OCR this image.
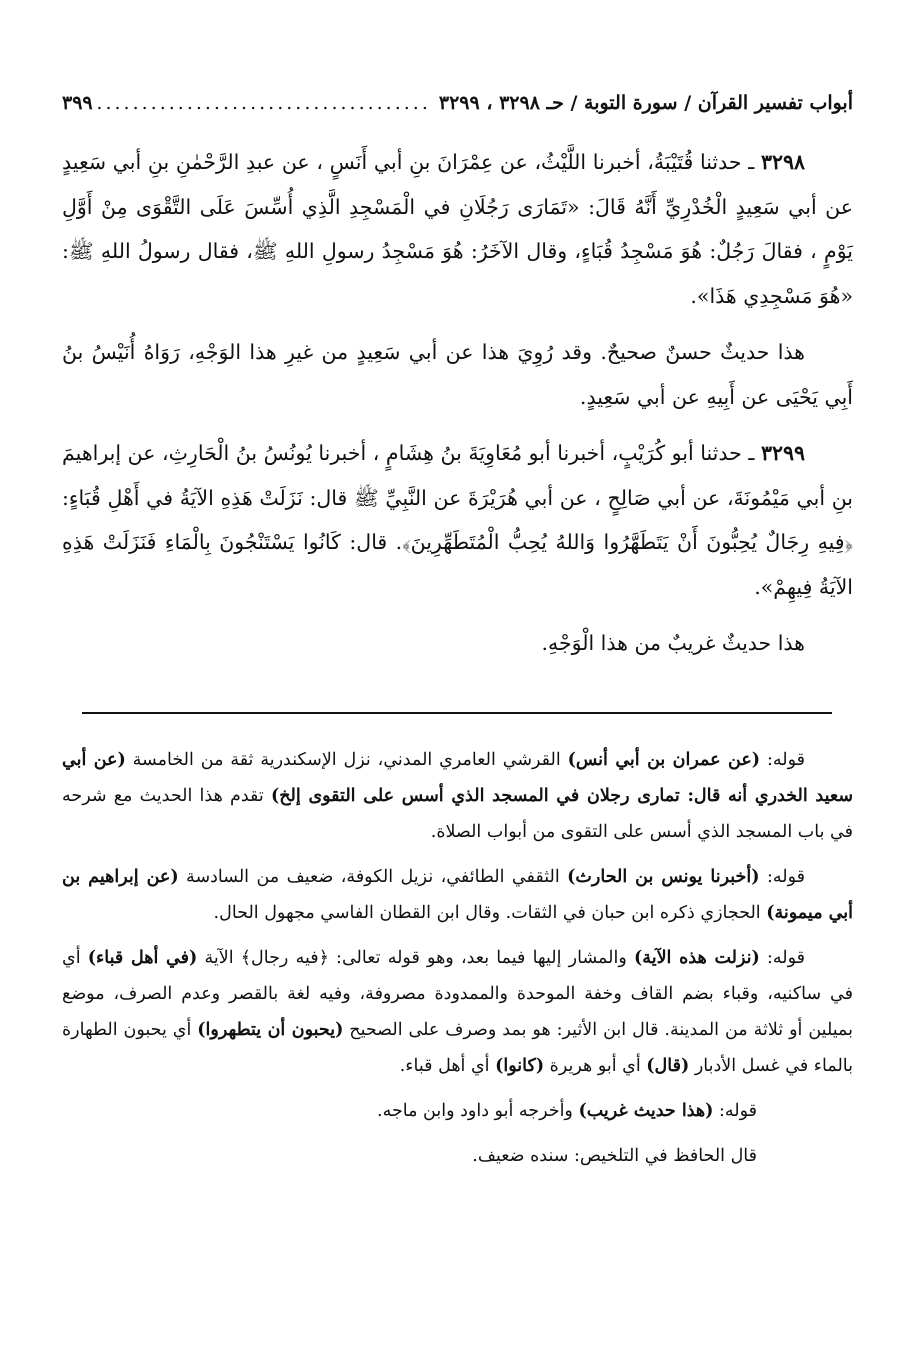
أبواب تفسير القرآن / سورة التوبة / حـ ٣٢٩٨ ، ٣٢٩٩
.....
٣٩٩

٣٢٩٨ ـ حدثنا قُتَيْبَةُ، أخبرنا اللَّيْثُ، عن عِمْرَانَ بنِ أبي أَنَسٍ ، عن عبدِ الرَّحْمٰنِ بنِ أبي سَعِيدٍ عن أبي سَعِيدٍ الْخُدْرِيِّ أَنَّهُ قَالَ: «تَمَارَى رَجُلَانِ في الْمَسْجِدِ الَّذِي أُسِّسَ عَلَى التَّقْوَى مِنْ أَوَّلِ يَوْمٍ ، فقالَ رَجُلٌ: هُوَ مَسْجِدُ قُبَاءٍ، وقال الآخَرُ: هُوَ مَسْجِدُ رسولِ اللهِ ﷺ، فقال رسولُ اللهِ ﷺ: «هُوَ مَسْجِدِي هَذَا».

هذا حديثٌ حسنٌ صحيحٌ. وقد رُوِيَ هذا عن أبي سَعِيدٍ من غيرِ هذا الوَجْهِ، رَوَاهُ أُنَيْسُ بنُ أَبِي يَحْيَى عن أَبِيهِ عن أبي سَعِيدٍ.

٣٢٩٩ ـ حدثنا أبو كُرَيْبٍ، أخبرنا أبو مُعَاوِيَةَ بنُ هِشَامٍ ، أخبرنا يُونُسُ بنُ الْحَارِثِ، عن إبراهيمَ بنِ أبي مَيْمُونَةَ، عن أبي صَالِحٍ ، عن أبي هُرَيْرَةَ عن النَّبِيِّ ﷺ قال: نَزَلَتْ هَذِهِ الآيَةُ في أَهْلِ قُبَاءٍ: ﴿فِيهِ رِجَالٌ يُحِبُّونَ أَنْ يَتَطَهَّرُوا وَاللهُ يُحِبُّ الْمُتَطَهِّرِينَ﴾. قال: كَانُوا يَسْتَنْجُونَ بِالْمَاءِ فَنَزَلَتْ هَذِهِ الآيَةُ فِيهِمْ».

هذا حديثٌ غريبٌ من هذا الْوَجْهِ.

قوله: (عن عمران بن أبي أنس) القرشي العامري المدني، نزل الإسكندرية ثقة من الخامسة (عن أبي سعيد الخدري أنه قال: تمارى رجلان في المسجد الذي أسس على التقوى إلخ) تقدم هذا الحديث مع شرحه في باب المسجد الذي أسس على التقوى من أبواب الصلاة.

قوله: (أخبرنا يونس بن الحارث) الثقفي الطائفي، نزيل الكوفة، ضعيف من السادسة (عن إبراهيم بن أبي ميمونة) الحجازي ذكره ابن حبان في الثقات. وقال ابن القطان الفاسي مجهول الحال.

قوله: (نزلت هذه الآية) والمشار إليها فيما بعد، وهو قوله تعالى: ﴿فيه رجال﴾ الآية (في أهل قباء) أي في ساكنيه، وقباء بضم القاف وخفة الموحدة والممدودة مصروفة، وفيه لغة بالقصر وعدم الصرف، موضع بميلين أو ثلاثة من المدينة. قال ابن الأثير: هو بمد وصرف على الصحيح (يحبون أن يتطهروا) أي يحبون الطهارة بالماء في غسل الأدبار (قال) أي أبو هريرة (كانوا) أي أهل قباء.

قوله: (هذا حديث غريب) وأخرجه أبو داود وابن ماجه.

قال الحافظ في التلخيص: سنده ضعيف.
